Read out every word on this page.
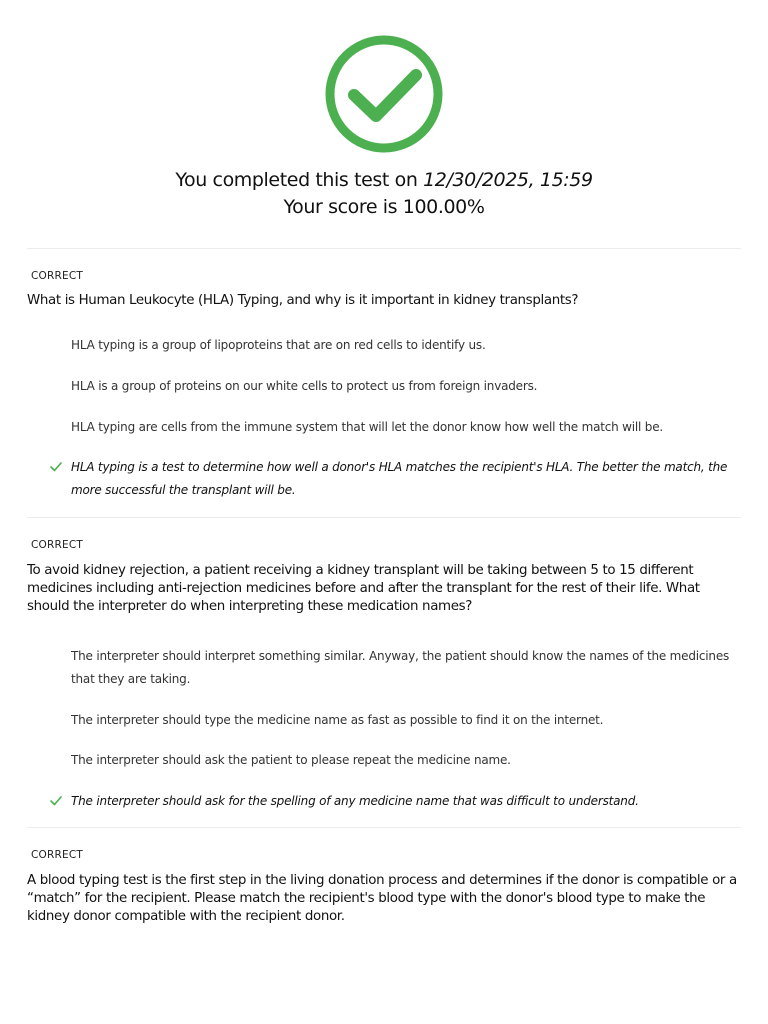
You completed this test on 12/30/2025, 15:59
Your score is 100.00%
CORRECT
What is Human Leukocyte (HLA) Typing, and why is it important in kidney transplants?
HLA typing is a group of lipoproteins that are on red cells to identify us.
HLA is a group of proteins on our white cells to protect us from foreign invaders.
HLA typing are cells from the immune system that will let the donor know how well the match will be.
HLA typing is a test to determine how well a donor's HLA matches the recipient's HLA. The better the match, the more successful the transplant will be.
CORRECT
To avoid kidney rejection, a patient receiving a kidney transplant will be taking between 5 to 15 different medicines including anti-rejection medicines before and after the transplant for the rest of their life. What should the interpreter do when interpreting these medication names?
The interpreter should interpret something similar. Anyway, the patient should know the names of the medicines that they are taking.
The interpreter should type the medicine name as fast as possible to find it on the internet.
The interpreter should ask the patient to please repeat the medicine name.
The interpreter should ask for the spelling of any medicine name that was difficult to understand.
CORRECT
A blood typing test is the first step in the living donation process and determines if the donor is compatible or a “match” for the recipient. Please match the recipient's blood type with the donor's blood type to make the kidney donor compatible with the recipient donor.
